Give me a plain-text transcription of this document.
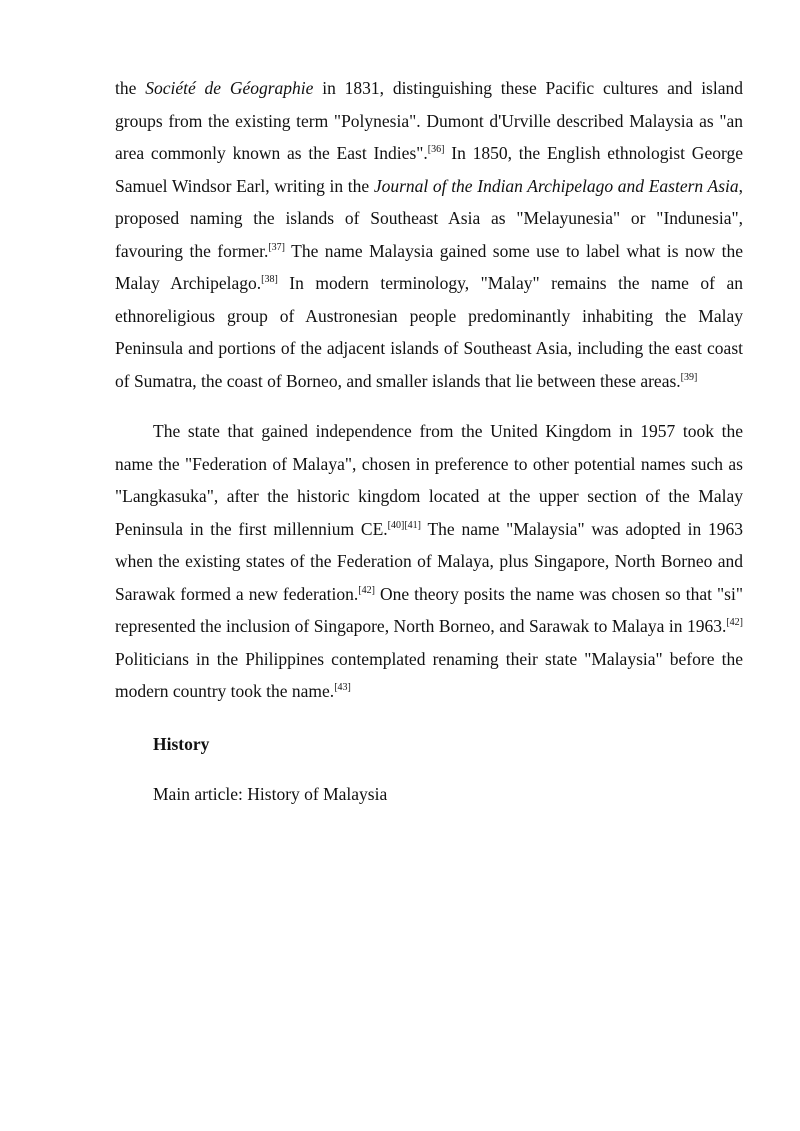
the Société de Géographie in 1831, distinguishing these Pacific cultures and island groups from the existing term "Polynesia". Dumont d'Urville described Malaysia as "an area commonly known as the East Indies".[36] In 1850, the English ethnologist George Samuel Windsor Earl, writing in the Journal of the Indian Archipelago and Eastern Asia, proposed naming the islands of Southeast Asia as "Melayunesia" or "Indunesia", favouring the former.[37] The name Malaysia gained some use to label what is now the Malay Archipelago.[38] In modern terminology, "Malay" remains the name of an ethnoreligious group of Austronesian people predominantly inhabiting the Malay Peninsula and portions of the adjacent islands of Southeast Asia, including the east coast of Sumatra, the coast of Borneo, and smaller islands that lie between these areas.[39]

The state that gained independence from the United Kingdom in 1957 took the name the "Federation of Malaya", chosen in preference to other potential names such as "Langkasuka", after the historic kingdom located at the upper section of the Malay Peninsula in the first millennium CE.[40][41] The name "Malaysia" was adopted in 1963 when the existing states of the Federation of Malaya, plus Singapore, North Borneo and Sarawak formed a new federation.[42] One theory posits the name was chosen so that "si" represented the inclusion of Singapore, North Borneo, and Sarawak to Malaya in 1963.[42] Politicians in the Philippines contemplated renaming their state "Malaysia" before the modern country took the name.[43]

History
Main article: History of Malaysia
